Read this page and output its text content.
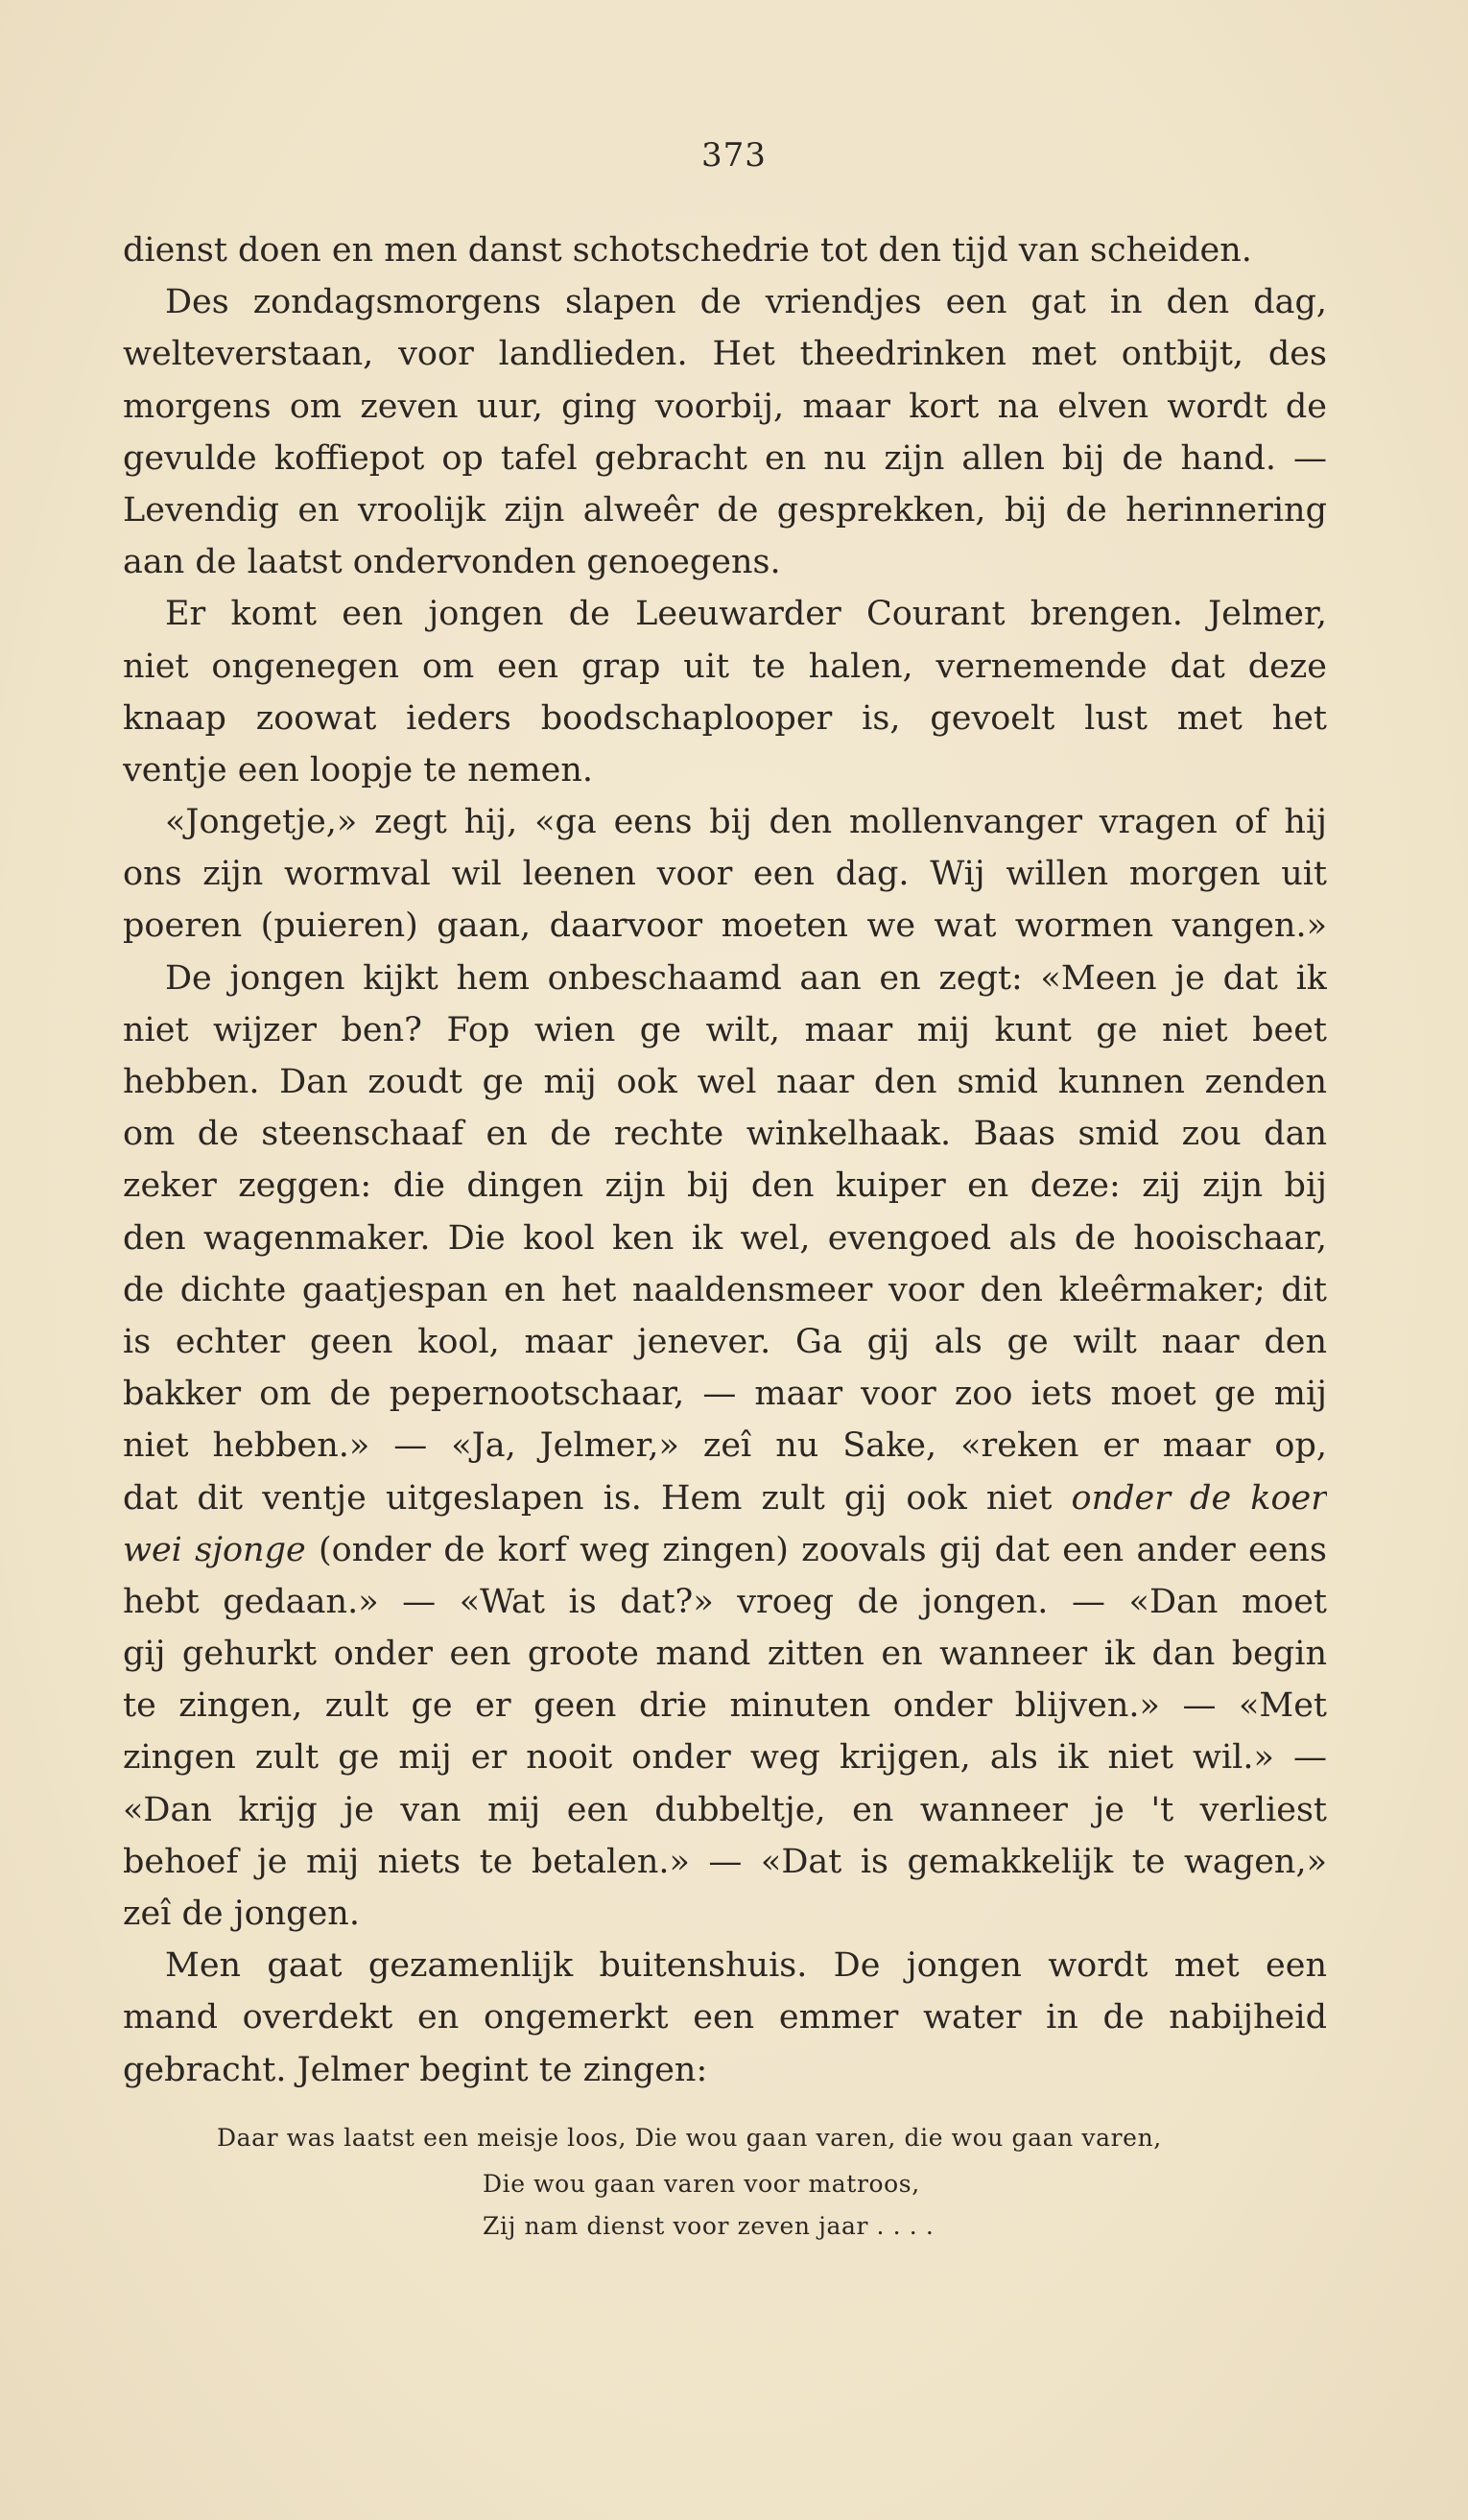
373
dienst doen en men danst schotschedrie tot den tijd van scheiden.
Des zondagsmorgens slapen de vriendjes een gat in den dag,
welteverstaan, voor landlieden. Het theedrinken met ontbijt, des
morgens om zeven uur, ging voorbij, maar kort na elven wordt de
gevulde koffiepot op tafel gebracht en nu zijn allen bij de hand. —
Levendig en vroolijk zijn alweêr de gesprekken, bij de herinnering
aan de laatst ondervonden genoegens.
Er komt een jongen de Leeuwarder Courant brengen. Jelmer,
niet ongenegen om een grap uit te halen, vernemende dat deze
knaap zoowat ieders boodschaplooper is, gevoelt lust met het
ventje een loopje te nemen.
«Jongetje,» zegt hij, «ga eens bij den mollenvanger vragen of hij
ons zijn wormval wil leenen voor een dag. Wij willen morgen uit
poeren (puieren) gaan, daarvoor moeten we wat wormen vangen.»
De jongen kijkt hem onbeschaamd aan en zegt: «Meen je dat ik
niet wijzer ben? Fop wien ge wilt, maar mij kunt ge niet beet
hebben. Dan zoudt ge mij ook wel naar den smid kunnen zenden
om de steenschaaf en de rechte winkelhaak. Baas smid zou dan
zeker zeggen: die dingen zijn bij den kuiper en deze: zij zijn bij
den wagenmaker. Die kool ken ik wel, evengoed als de hooischaar,
de dichte gaatjespan en het naaldensmeer voor den kleêrmaker; dit
is echter geen kool, maar jenever. Ga gij als ge wilt naar den
bakker om de pepernootschaar, — maar voor zoo iets moet ge mij
niet hebben.» — «Ja, Jelmer,» zeî nu Sake, «reken er maar op,
dat dit ventje uitgeslapen is. Hem zult gij ook niet onder de koer
wei sjonge (onder de korf weg zingen) zoovals gij dat een ander eens
hebt gedaan.» — «Wat is dat?» vroeg de jongen. — «Dan moet
gij gehurkt onder een groote mand zitten en wanneer ik dan begin
te zingen, zult ge er geen drie minuten onder blijven.» — «Met
zingen zult ge mij er nooit onder weg krijgen, als ik niet wil.» —
«Dan krijg je van mij een dubbeltje, en wanneer je 't verliest
behoef je mij niets te betalen.» — «Dat is gemakkelijk te wagen,»
zeî de jongen.
Men gaat gezamenlijk buitenshuis. De jongen wordt met een
mand overdekt en ongemerkt een emmer water in de nabijheid
gebracht. Jelmer begint te zingen:
Daar was laatst een meisje loos, Die wou gaan varen, die wou gaan varen,
Die wou gaan varen voor matroos,
Zij nam dienst voor zeven jaar . . . .
